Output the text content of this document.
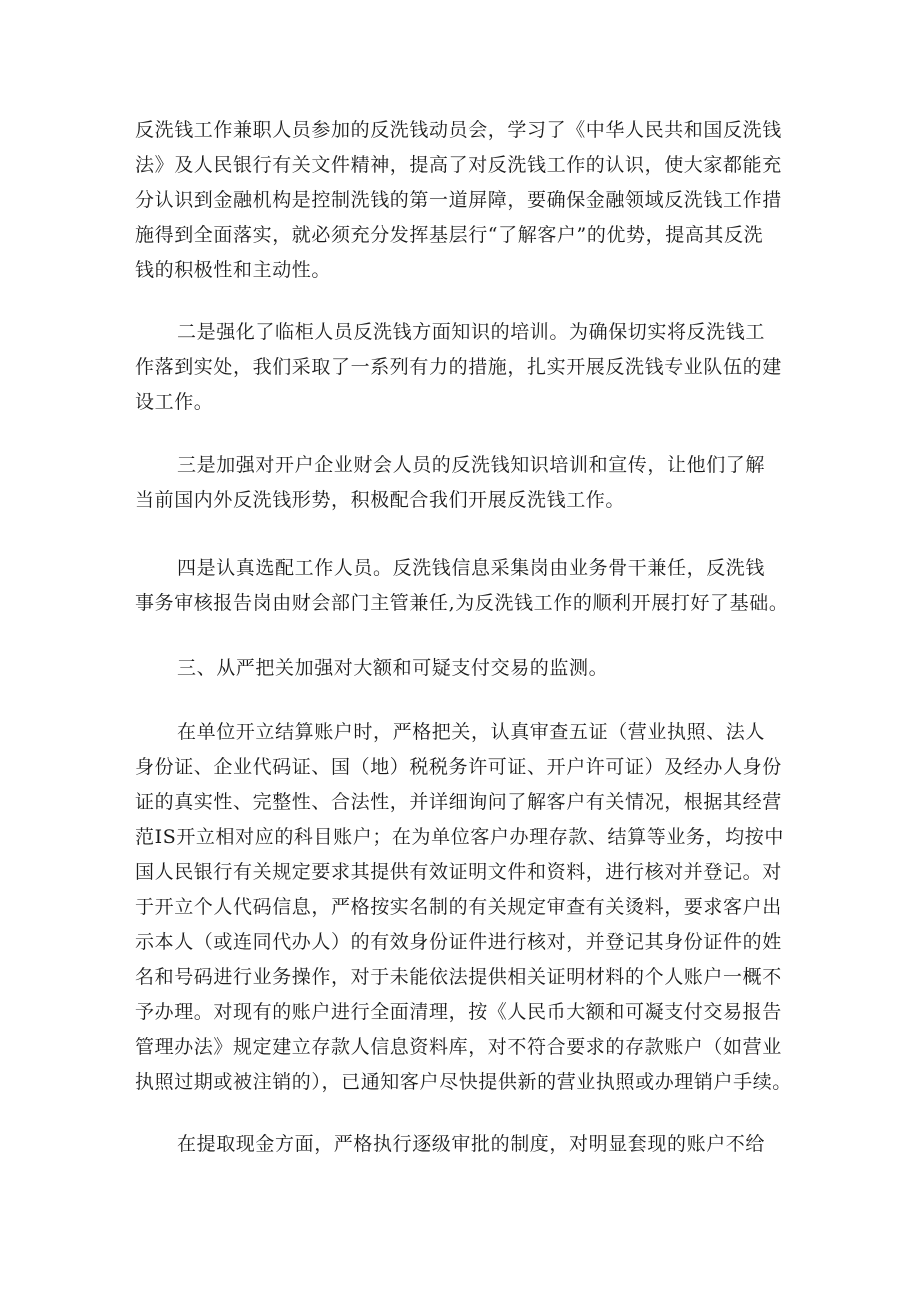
反洗钱工作兼职人员参加的反洗钱动员会，学习了《中华人民共和国反洗钱

法》及人民银行有关文件精神，提高了对反洗钱工作的认识，使大家都能充

分认识到金融机构是控制洗钱的第一道屏障，要确保金融领域反洗钱工作措

施得到全面落实，就必须充分发挥基层行“了解客户”的优势，提高其反洗

钱的积极性和主动性。

二是强化了临柜人员反洗钱方面知识的培训。为确保切实将反洗钱工

作落到实处，我们采取了一系列有力的措施，扎实开展反洗钱专业队伍的建

设工作。

三是加强对开户企业财会人员的反洗钱知识培训和宣传，让他们了解

当前国内外反洗钱形势，积极配合我们开展反洗钱工作。

四是认真选配工作人员。反洗钱信息采集岗由业务骨干兼任，反洗钱

事务审核报告岗由财会部门主管兼任,为反洗钱工作的顺利开展打好了基础。

三、从严把关加强对大额和可疑支付交易的监测。

在单位开立结算账户时，严格把关，认真审查五证（营业执照、法人

身份证、企业代码证、国（地）税税务许可证、开户许可证）及经办人身份

证的真实性、完整性、合法性，并详细询问了解客户有关情况，根据其经营

范IS开立相对应的科目账户；在为单位客户办理存款、结算等业务，均按中

国人民银行有关规定要求其提供有效证明文件和资料，进行核对并登记。对

于开立个人代码信息，严格按实名制的有关规定审查有关烫料，要求客户出

示本人（或连同代办人）的有效身份证件进行核对，并登记其身份证件的姓

名和号码进行业务操作，对于未能依法提供相关证明材料的个人账户一概不

予办理。对现有的账户进行全面清理，按《人民币大额和可凝支付交易报告

管理办法》规定建立存款人信息资料库，对不符合要求的存款账户（如营业

执照过期或被注销的），已通知客户尽快提供新的营业执照或办理销户手续。

在提取现金方面，严格执行逐级审批的制度，对明显套现的账户不给
